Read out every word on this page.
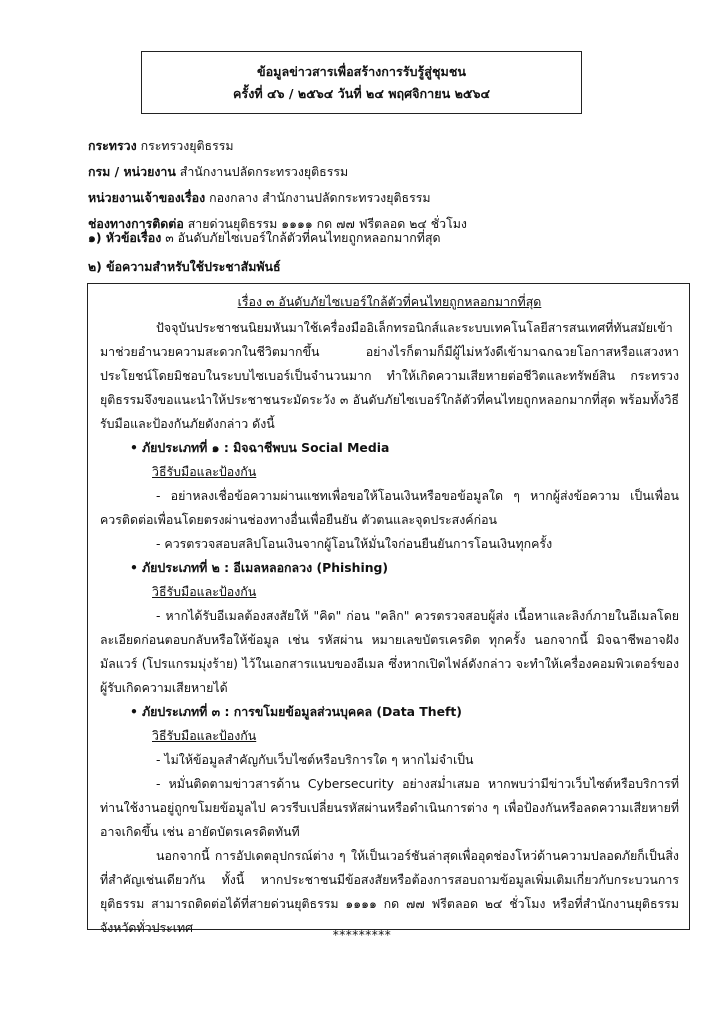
ข้อมูลข่าวสารเพื่อสร้างการรับรู้สู่ชุมชน
ครั้งที่ ๔๖ / ๒๕๖๔ วันที่ ๒๔ พฤศจิกายน ๒๕๖๔
กระทรวง กระทรวงยุติธรรม
กรม / หน่วยงาน สำนักงานปลัดกระทรวงยุติธรรม
หน่วยงานเจ้าของเรื่อง กองกลาง สำนักงานปลัดกระทรวงยุติธรรม
ช่องทางการติดต่อ สายด่วนยุติธรรม ๑๑๑๑ กด ๗๗ ฟรีตลอด ๒๔ ชั่วโมง
๑) หัวข้อเรื่อง ๓ อันดับภัยไซเบอร์ใกล้ตัวที่คนไทยถูกหลอกมากที่สุด
๒) ข้อความสำหรับใช้ประชาสัมพันธ์

เรื่อง ๓ อันดับภัยไซเบอร์ใกล้ตัวที่คนไทยถูกหลอกมากที่สุด

ปัจจุบันประชาชนนิยมหันมาใช้เครื่องมืออิเล็กทรอนิกส์และระบบเทคโนโลยีสารสนเทศที่ทันสมัยเข้ามาช่วยอำนวยความสะดวกในชีวิตมากขึ้น อย่างไรก็ตามก็มีผู้ไม่หวังดีเข้ามาฉกฉวยโอกาสหรือแสวงหาประโยชน์โดยมิชอบในระบบไซเบอร์เป็นจำนวนมาก ทำให้เกิดความเสียหายต่อชีวิตและทรัพย์สิน กระทรวงยุติธรรมจึงขอแนะนำให้ประชาชนระมัดระวัง ๓ อันดับภัยไซเบอร์ใกล้ตัวที่คนไทยถูกหลอกมากที่สุด พร้อมทั้งวิธีรับมือและป้องกันภัยดังกล่าว ดังนี้

• ภัยประเภทที่ ๑ : มิจฉาชีพบน Social Media

วิธีรับมือและป้องกัน

- อย่าหลงเชื่อข้อความผ่านแชทเพื่อขอให้โอนเงินหรือขอข้อมูลใด ๆ หากผู้ส่งข้อความ เป็นเพื่อน ควรติดต่อเพื่อนโดยตรงผ่านช่องทางอื่นเพื่อยืนยัน ตัวตนและจุดประสงค์ก่อน

- ควรตรวจสอบสลิปโอนเงินจากผู้โอนให้มั่นใจก่อนยืนยันการโอนเงินทุกครั้ง

• ภัยประเภทที่ ๒ : อีเมลหลอกลวง (Phishing)

วิธีรับมือและป้องกัน

- หากได้รับอีเมลต้องสงสัยให้ "คิด" ก่อน "คลิก" ควรตรวจสอบผู้ส่ง เนื้อหาและลิงก์ภายในอีเมลโดยละเอียดก่อนตอบกลับหรือให้ข้อมูล เช่น รหัสผ่าน หมายเลขบัตรเครดิต ทุกครั้ง นอกจากนี้ มิจฉาชีพอาจฝังมัลแวร์ (โปรแกรมมุ่งร้าย) ไว้ในเอกสารแนบของอีเมล ซึ่งหากเปิดไฟล์ดังกล่าว จะทำให้เครื่องคอมพิวเตอร์ของผู้รับเกิดความเสียหายได้

• ภัยประเภทที่ ๓ : การขโมยข้อมูลส่วนบุคคล (Data Theft)

วิธีรับมือและป้องกัน

- ไม่ให้ข้อมูลสำคัญกับเว็บไซต์หรือบริการใด ๆ หากไม่จำเป็น

- หมั่นติดตามข่าวสารด้าน Cybersecurity อย่างสม่ำเสมอ หากพบว่ามีข่าวเว็บไซต์หรือบริการที่ท่านใช้งานอยู่ถูกขโมยข้อมูลไป ควรรีบเปลี่ยนรหัสผ่านหรือดำเนินการต่าง ๆ เพื่อป้องกันหรือลดความเสียหายที่อาจเกิดขึ้น เช่น อายัดบัตรเครดิตทันที

นอกจากนี้ การอัปเดตอุปกรณ์ต่าง ๆ ให้เป็นเวอร์ชันล่าสุดเพื่ออุดช่องโหว่ด้านความปลอดภัยก็เป็นสิ่งที่สำคัญเช่นเดียวกัน ทั้งนี้ หากประชาชนมีข้อสงสัยหรือต้องการสอบถามข้อมูลเพิ่มเติมเกี่ยวกับกระบวนการยุติธรรม สามารถติดต่อได้ที่สายด่วนยุติธรรม ๑๑๑๑ กด ๗๗ ฟรีตลอด ๒๔ ชั่วโมง หรือที่สำนักงานยุติธรรมจังหวัดทั่วประเทศ	*********
